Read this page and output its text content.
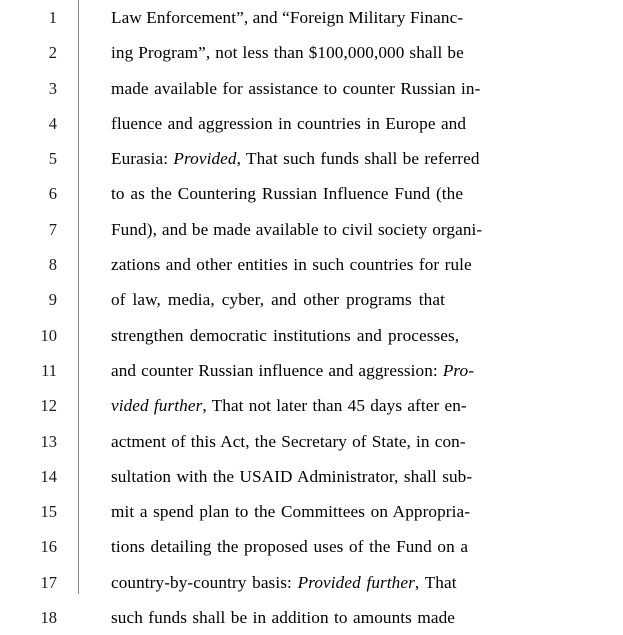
1	Law Enforcement”, and “Foreign Military Financ-
2	ing Program”, not less than $100,000,000 shall be
3	made available for assistance to counter Russian in-
4	fluence and aggression in countries in Europe and
5	Eurasia: Provided, That such funds shall be referred
6	to as the Countering Russian Influence Fund (the
7	Fund), and be made available to civil society organi-
8	zations and other entities in such countries for rule
9	of law, media, cyber, and other programs that
10	strengthen democratic institutions and processes,
11	and counter Russian influence and aggression: Pro-
12	vided further, That not later than 45 days after en-
13	actment of this Act, the Secretary of State, in con-
14	sultation with the USAID Administrator, shall sub-
15	mit a spend plan to the Committees on Appropria-
16	tions detailing the proposed uses of the Fund on a
17	country-by-country basis: Provided further, That
18	such funds shall be in addition to amounts made
